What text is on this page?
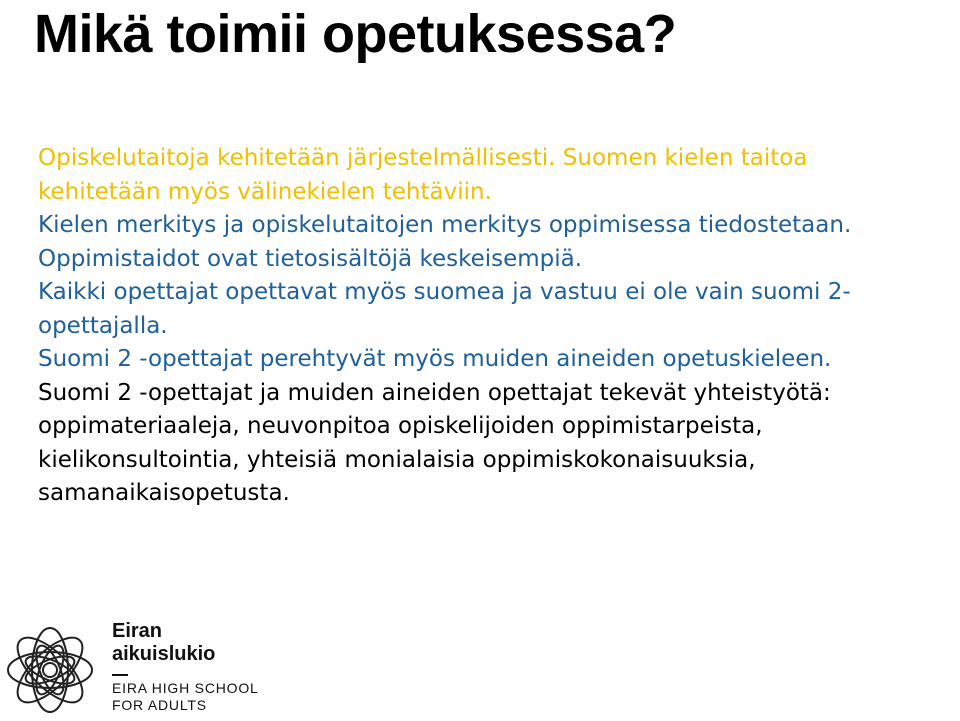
Mikä toimii opetuksessa?
Opiskelutaitoja kehitetään järjestelmällisesti. Suomen kielen taitoa
kehitetään myös välinekielen tehtäviin.
Kielen merkitys ja opiskelutaitojen merkitys oppimisessa tiedostetaan.
Oppimistaidot ovat tietosisältöjä keskeisempiä.
Kaikki opettajat opettavat myös suomea ja vastuu ei ole vain suomi 2-
opettajalla.
Suomi 2 -opettajat perehtyvät myös muiden aineiden opetuskieleen.
Suomi 2 -opettajat ja muiden aineiden opettajat tekevät yhteistyötä:
oppimateriaaleja, neuvonpitoa opiskelijoiden oppimistarpeista,
kielikonsultointia, yhteisiä monialaisia oppimiskokonaisuuksia,
samanaikaisopetusta.
Eiran
aikuislukio
EIRA HIGH SCHOOL
FOR ADULTS
